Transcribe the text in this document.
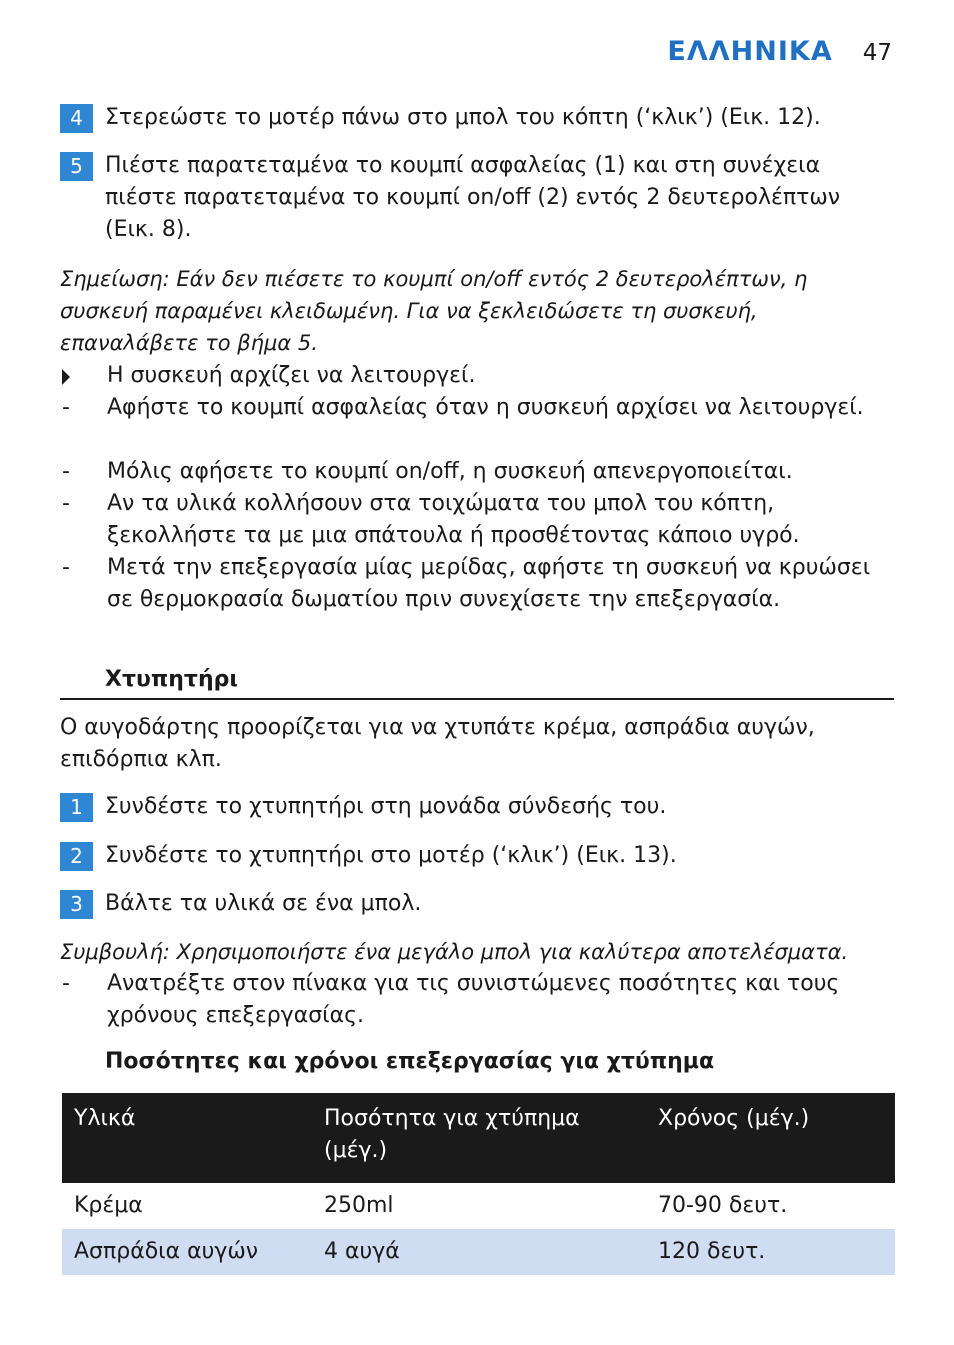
ΕΛΛΗΝΙΚΑ 47
4	Στερεώστε το μοτέρ πάνω στο μπολ του κόπτη (‘κλικ’) (Εικ. 12).
5	Πιέστε παρατεταμένα το κουμπί ασφαλείας (1) και στη συνέχεια πιέστε παρατεταμένα το κουμπί on/off (2) εντός 2 δευτερολέπτων (Εικ. 8).
Σημείωση: Εάν δεν πιέσετε το κουμπί on/off εντός 2 δευτερολέπτων, η συσκευή παραμένει κλειδωμένη. Για να ξεκλειδώσετε τη συσκευή, επαναλάβετε το βήμα 5.
Η συσκευή αρχίζει να λειτουργεί.
-	Αφήστε το κουμπί ασφαλείας όταν η συσκευή αρχίσει να λειτουργεί.
-	Μόλις αφήσετε το κουμπί on/off, η συσκευή απενεργοποιείται.
-	Αν τα υλικά κολλήσουν στα τοιχώματα του μπολ του κόπτη, ξεκολλήστε τα με μια σπάτουλα ή προσθέτοντας κάποιο υγρό.
-	Μετά την επεξεργασία μίας μερίδας, αφήστε τη συσκευή να κρυώσει σε θερμοκρασία δωματίου πριν συνεχίσετε την επεξεργασία.
Χτυπητήρι
Ο αυγοδάρτης προορίζεται για να χτυπάτε κρέμα, ασπράδια αυγών, επιδόρπια κλπ.
1	Συνδέστε το χτυπητήρι στη μονάδα σύνδεσής του.
2	Συνδέστε το χτυπητήρι στο μοτέρ (‘κλικ’) (Εικ. 13).
3	Βάλτε τα υλικά σε ένα μπολ.
Συμβουλή: Χρησιμοποιήστε ένα μεγάλο μπολ για καλύτερα αποτελέσματα.
-	Ανατρέξτε στον πίνακα για τις συνιστώμενες ποσότητες και τους χρόνους επεξεργασίας.
Ποσότητες και χρόνοι επεξεργασίας για χτύπημα
Υλικά	Ποσότητα για χτύπημα (μέγ.)	Χρόνος (μέγ.)
Κρέμα	250ml	70-90 δευτ.
Ασπράδια αυγών	4 αυγά	120 δευτ.
